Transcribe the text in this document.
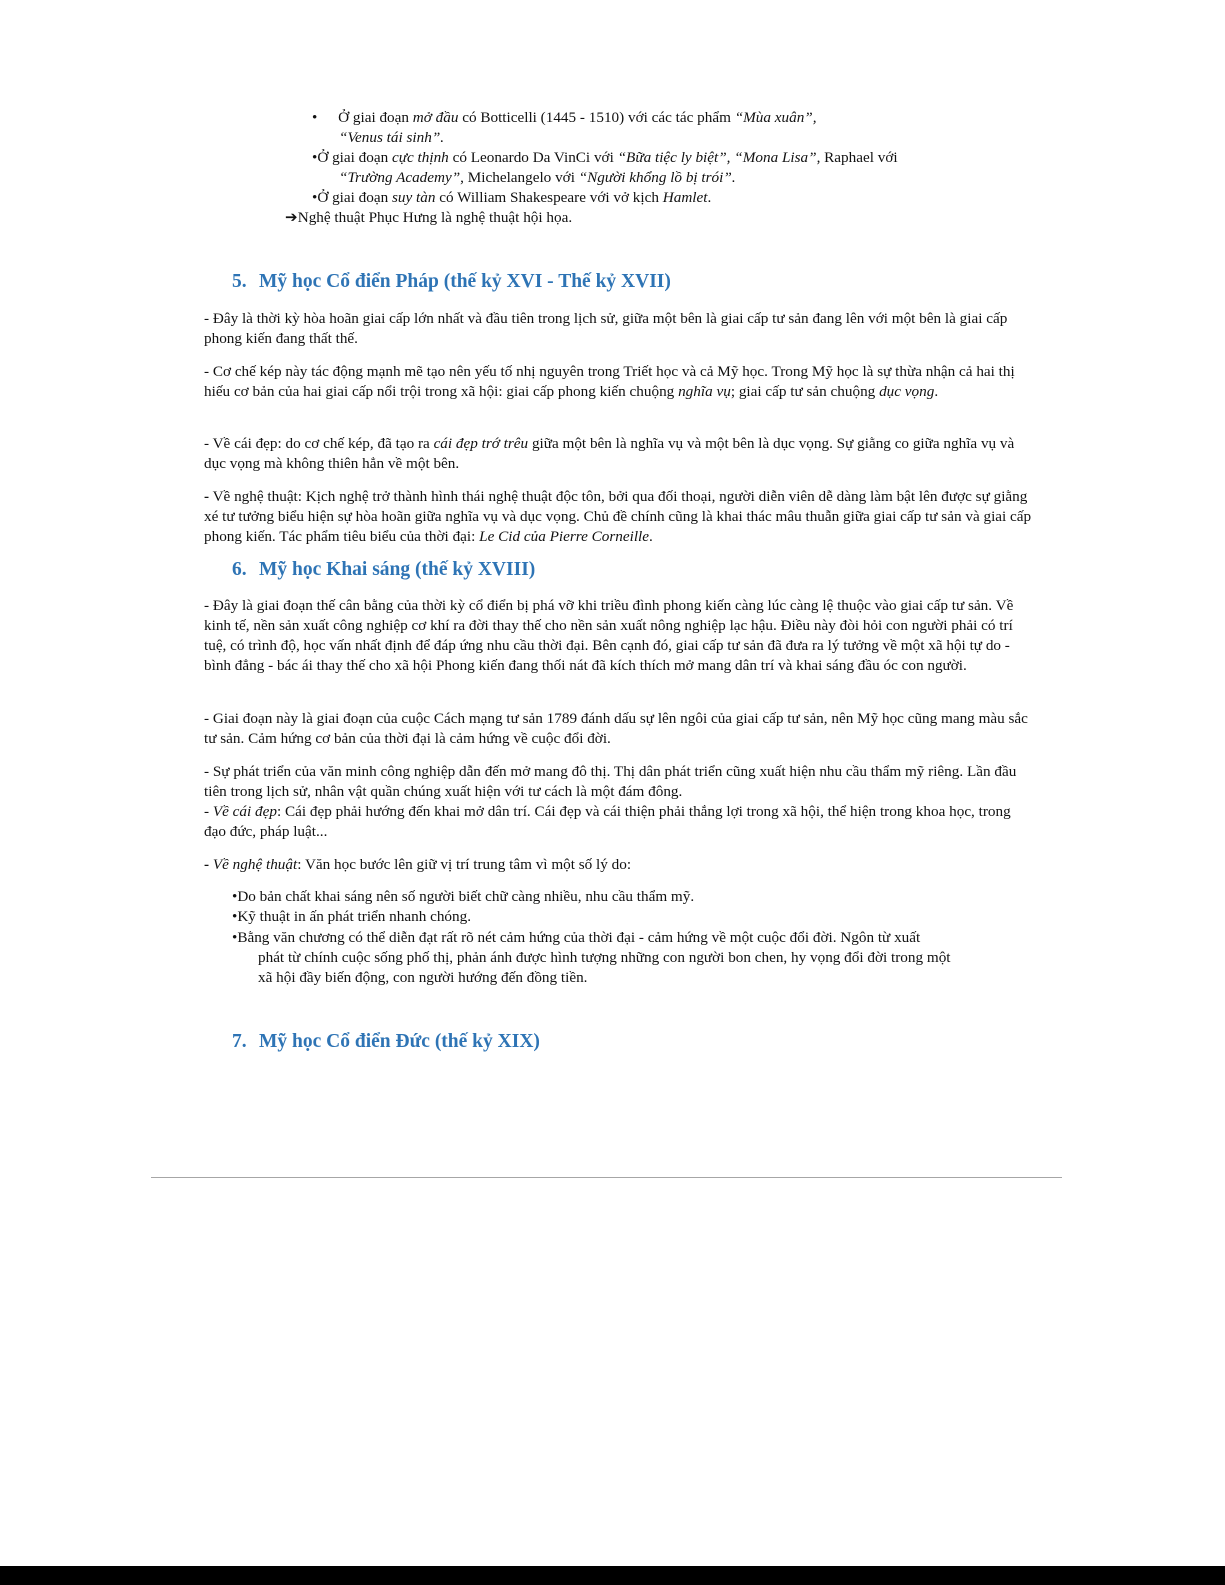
• Ở giai đoạn mở đầu có Botticelli (1445 - 1510) với các tác phẩm “Mùa xuân”,
“Venus tái sinh”.
•Ở giai đoạn cực thịnh có Leonardo Da VinCi với “Bữa tiệc ly biệt”, “Mona Lisa”, Raphael với
“Trường Academy”, Michelangelo với “Người khổng lồ bị trói”.
•Ở giai đoạn suy tàn có William Shakespeare với vở kịch Hamlet.
➔Nghệ thuật Phục Hưng là nghệ thuật hội họa.
5. Mỹ học Cổ điển Pháp (thế kỷ XVI - Thế kỷ XVII)

- Đây là thời kỳ hòa hoãn giai cấp lớn nhất và đầu tiên trong lịch sử, giữa một bên là giai cấp tư sản đang lên với một bên là giai cấp phong kiến đang thất thế.

- Cơ chế kép này tác động mạnh mẽ tạo nên yếu tố nhị nguyên trong Triết học và cả Mỹ học. Trong Mỹ học là sự thừa nhận cả hai thị hiếu cơ bản của hai giai cấp nổi trội trong xã hội: giai cấp phong kiến chuộng nghĩa vụ; giai cấp tư sản chuộng dục vọng.

- Về cái đẹp: do cơ chế kép, đã tạo ra cái đẹp trớ trêu giữa một bên là nghĩa vụ và một bên là dục vọng. Sự giằng co giữa nghĩa vụ và dục vọng mà không thiên hẳn về một bên.

- Về nghệ thuật: Kịch nghệ trở thành hình thái nghệ thuật độc tôn, bởi qua đối thoại, người diễn viên dễ dàng làm bật lên được sự giằng xé tư tưởng biểu hiện sự hòa hoãn giữa nghĩa vụ và dục vọng. Chủ đề chính cũng là khai thác mâu thuẫn giữa giai cấp tư sản và giai cấp phong kiến. Tác phẩm tiêu biểu của thời đại: Le Cid của Pierre Corneille.

6. Mỹ học Khai sáng (thế kỷ XVIII)

- Đây là giai đoạn thế cân bằng của thời kỳ cổ điển bị phá vỡ khi triều đình phong kiến càng lúc càng lệ thuộc vào giai cấp tư sản. Về kinh tế, nền sản xuất công nghiệp cơ khí ra đời thay thế cho nền sản xuất nông nghiệp lạc hậu. Điều này đòi hỏi con người phải có trí tuệ, có trình độ, học vấn nhất định để đáp ứng nhu cầu thời đại. Bên cạnh đó, giai cấp tư sản đã đưa ra lý tưởng về một xã hội tự do - bình đẳng - bác ái thay thế cho xã hội Phong kiến đang thối nát đã kích thích mở mang dân trí và khai sáng đầu óc con người.

- Giai đoạn này là giai đoạn của cuộc Cách mạng tư sản 1789 đánh dấu sự lên ngôi của giai cấp tư sản, nên Mỹ học cũng mang màu sắc tư sản. Cảm hứng cơ bản của thời đại là cảm hứng về cuộc đổi đời.

- Sự phát triển của văn minh công nghiệp dẫn đến mở mang đô thị. Thị dân phát triển cũng xuất hiện nhu cầu thẩm mỹ riêng. Lần đầu tiên trong lịch sử, nhân vật quần chúng xuất hiện với tư cách là một đám đông.

- Về cái đẹp: Cái đẹp phải hướng đến khai mở dân trí. Cái đẹp và cái thiện phải thắng lợi trong xã hội, thể hiện trong khoa học, trong đạo đức, pháp luật...

- Về nghệ thuật: Văn học bước lên giữ vị trí trung tâm vì một số lý do:

•Do bản chất khai sáng nên số người biết chữ càng nhiều, nhu cầu thẩm mỹ.
•Kỹ thuật in ấn phát triển nhanh chóng.
•Bằng văn chương có thể diễn đạt rất rõ nét cảm hứng của thời đại - cảm hứng về một cuộc đổi đời. Ngôn từ xuất
phát từ chính cuộc sống phố thị, phản ánh được hình tượng những con người bon chen, hy vọng đổi đời trong một
xã hội đầy biến động, con người hướng đến đồng tiền.
7. Mỹ học Cổ điển Đức (thế kỷ XIX)
